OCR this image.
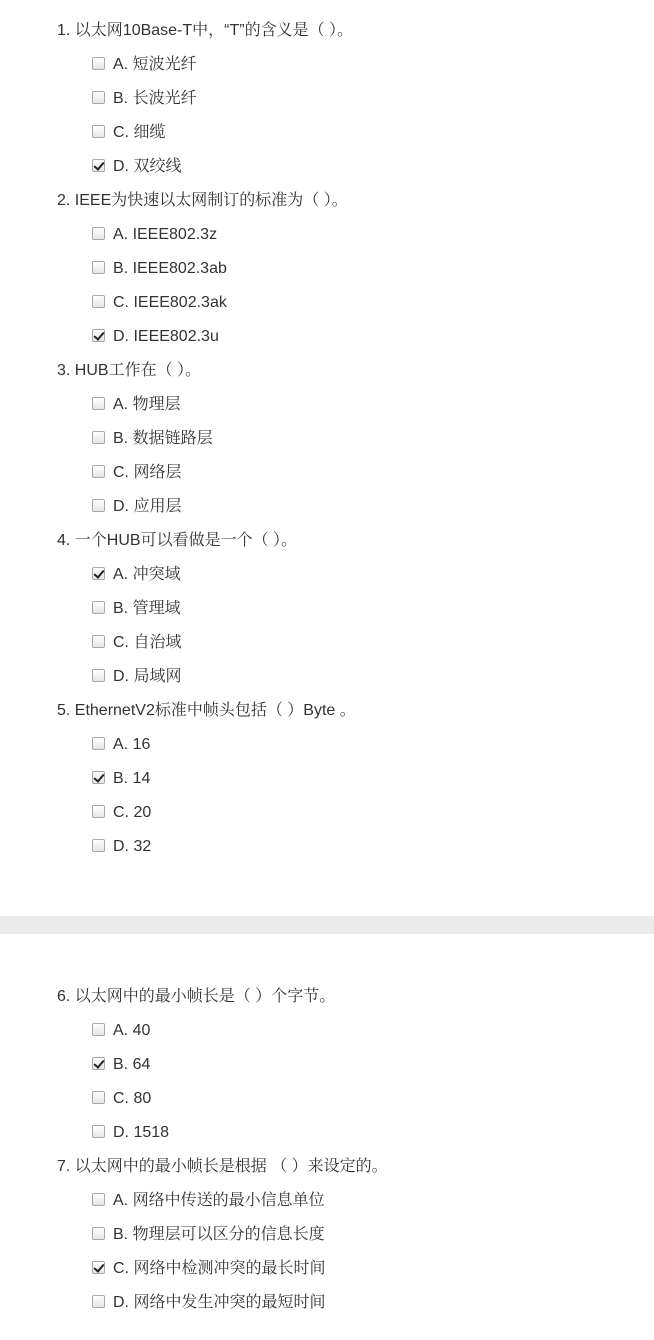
1. 以太网10Base-T中，“T”的含义是（ ）。
A. 短波光纤
B. 长波光纤
C. 细缆
D. 双绞线
2. IEEE为快速以太网制订的标准为（ ）。
A. IEEE802.3z
B. IEEE802.3ab
C. IEEE802.3ak
D. IEEE802.3u
3. HUB工作在（ ）。
A. 物理层
B. 数据链路层
C. 网络层
D. 应用层
4. 一个HUB可以看做是一个（ ）。
A. 冲突域
B. 管理域
C. 自治域
D. 局域网
5. EthernetV2标准中帧头包括（ ）Byte 。
A. 16
B. 14
C. 20
D. 32
6. 以太网中的最小帧长是（ ）个字节。
A. 40
B. 64
C. 80
D. 1518
7. 以太网中的最小帧长是根据 （ ）来设定的。
A. 网络中传送的最小信息单位
B. 物理层可以区分的信息长度
C. 网络中检测冲突的最长时间
D. 网络中发生冲突的最短时间
